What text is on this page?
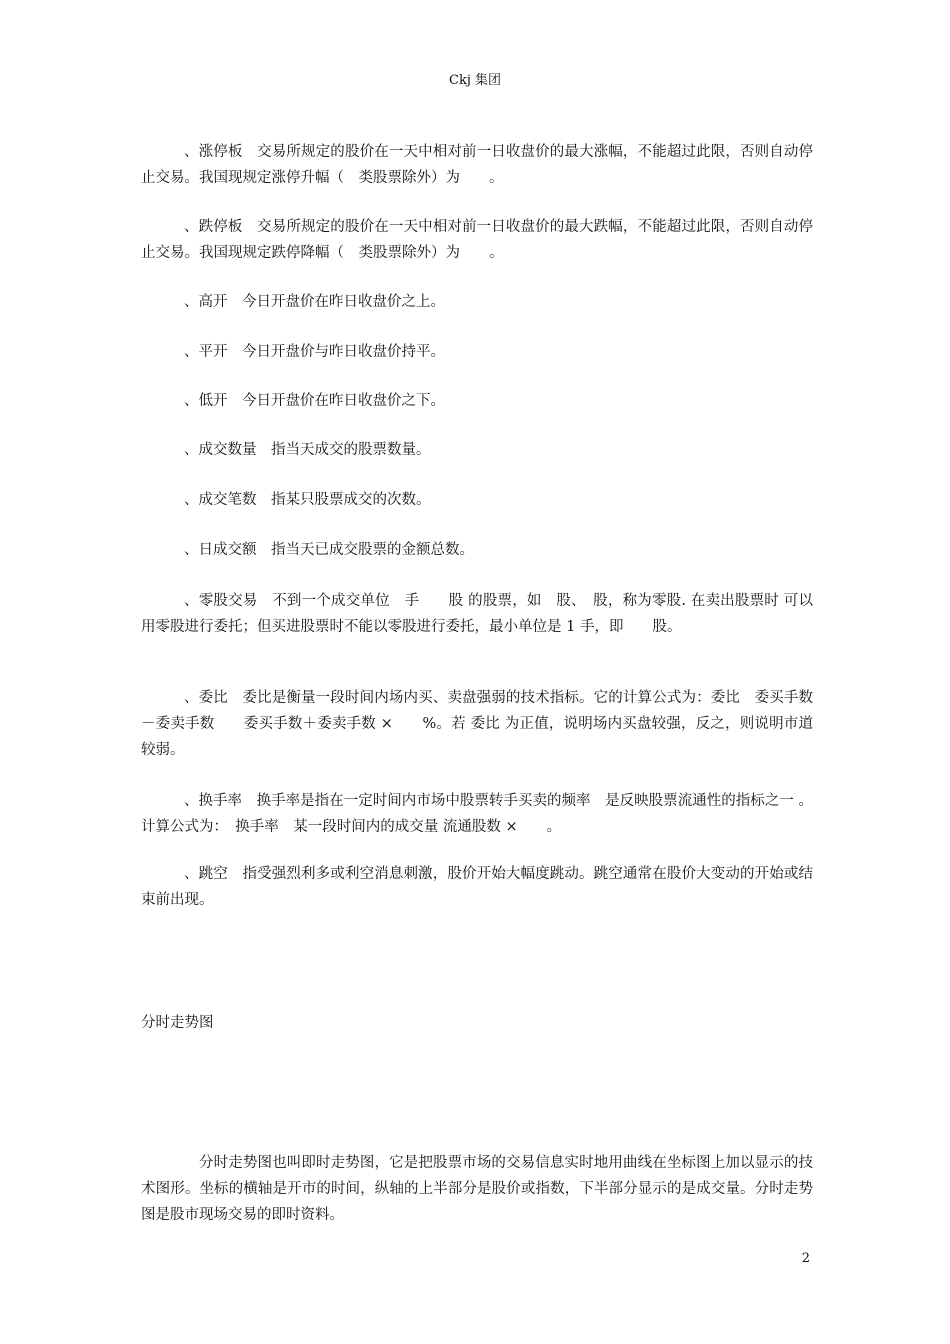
Ckj 集团

、涨停板　交易所规定的股价在一天中相对前一日收盘价的最大涨幅，不能超过此限，否则自动停止交易。我国现规定涨停升幅（　类股票除外）为　　。

、跌停板　交易所规定的股价在一天中相对前一日收盘价的最大跌幅，不能超过此限，否则自动停止交易。我国现规定跌停降幅（　类股票除外）为　　。

、高开　今日开盘价在昨日收盘价之上。

、平开　今日开盘价与昨日收盘价持平。

、低开　今日开盘价在昨日收盘价之下。

、成交数量　指当天成交的股票数量。

、成交笔数　指某只股票成交的次数。

、日成交额　指当天已成交股票的金额总数。

、零股交易　不到一个成交单位　手　　股 的股票，如　股、　股，称为零股. 在卖出股票时 可以用零股进行委托；但买进股票时不能以零股进行委托，最小单位是 1 手，即　　股。

、委比　委比是衡量一段时间内场内买、卖盘强弱的技术指标。它的计算公式为：委比　委买手数－委卖手数　　委买手数＋委卖手数 ×　　%。若 委比 为正值，说明场内买盘较强，反之，则说明市道较弱。

、换手率　换手率是指在一定时间内市场中股票转手买卖的频率　是反映股票流通性的指标之一 。计算公式为：　换手率　某一段时间内的成交量 流通股数 ×　　。

、跳空　指受强烈利多或利空消息刺激，股价开始大幅度跳动。跳空通常在股价大变动的开始或结束前出现。

分时走势图

分时走势图也叫即时走势图，它是把股票市场的交易信息实时地用曲线在坐标图上加以显示的技术图形。坐标的横轴是开市的时间，纵轴的上半部分是股价或指数，下半部分显示的是成交量。分时走势图是股市现场交易的即时资料。

2
